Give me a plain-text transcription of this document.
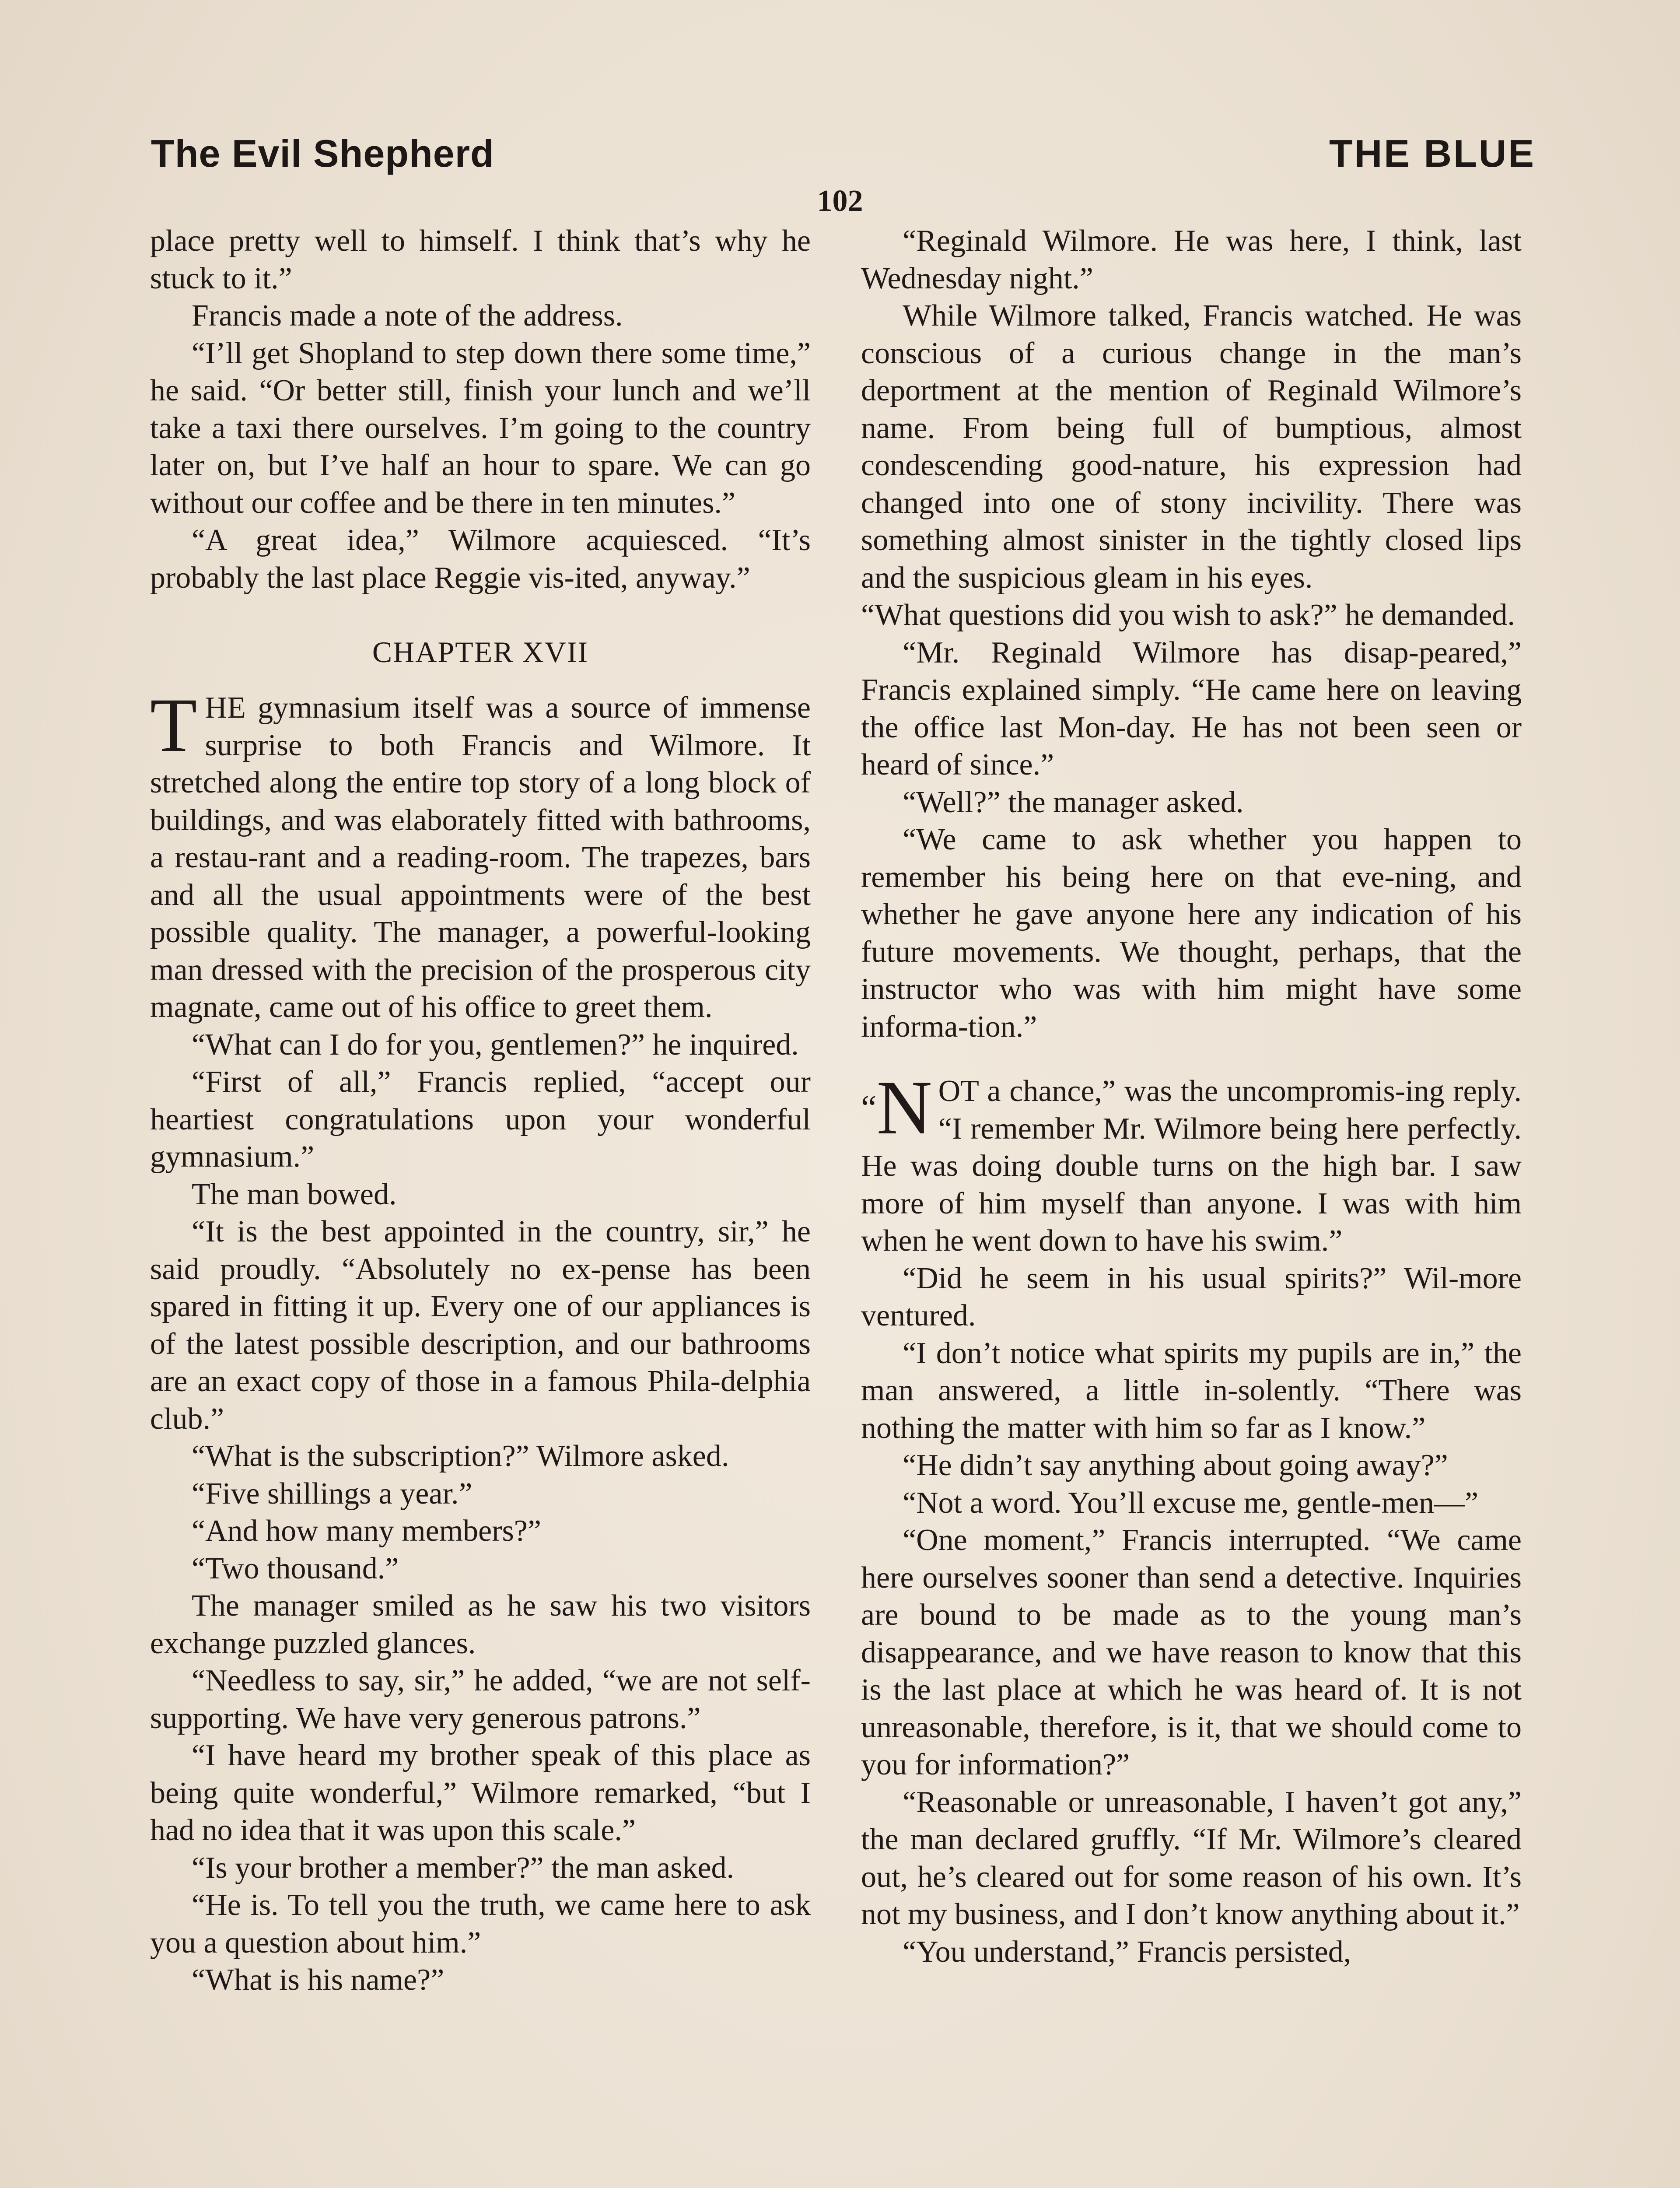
The Evil Shepherd	THE BLUE
102

place pretty well to himself. I think that’s why he stuck to it.”

Francis made a note of the address.

“I’ll get Shopland to step down there some time,” he said. “Or better still, finish your lunch and we’ll take a taxi there ourselves. I’m going to the country later on, but I’ve half an hour to spare. We can go without our coffee and be there in ten minutes.”

“A great idea,” Wilmore acquiesced. “It’s probably the last place Reggie vis-ited, anyway.”

CHAPTER XVII

THE gymnasium itself was a source of immense surprise to both Francis and Wilmore. It stretched along the entire top story of a long block of buildings, and was elaborately fitted with bathrooms, a restau-rant and a reading-room. The trapezes, bars and all the usual appointments were of the best possible quality. The manager, a powerful-looking man dressed with the precision of the prosperous city magnate, came out of his office to greet them.

“What can I do for you, gentlemen?” he inquired.

“First of all,” Francis replied, “accept our heartiest congratulations upon your wonderful gymnasium.”

The man bowed.

“It is the best appointed in the country, sir,” he said proudly. “Absolutely no ex-pense has been spared in fitting it up. Every one of our appliances is of the latest possible description, and our bathrooms are an exact copy of those in a famous Phila-delphia club.”

“What is the subscription?” Wilmore asked.

“Five shillings a year.”

“And how many members?”

“Two thousand.”

The manager smiled as he saw his two visitors exchange puzzled glances.

“Needless to say, sir,” he added, “we are not self-supporting. We have very generous patrons.”

“I have heard my brother speak of this place as being quite wonderful,” Wilmore remarked, “but I had no idea that it was upon this scale.”

“Is your brother a member?” the man asked.

“He is. To tell you the truth, we came here to ask you a question about him.”

“What is his name?”

“Reginald Wilmore. He was here, I think, last Wednesday night.”

While Wilmore talked, Francis watched. He was conscious of a curious change in the man’s deportment at the mention of Reginald Wilmore’s name. From being full of bumptious, almost condescending good-nature, his expression had changed into one of stony incivility. There was something almost sinister in the tightly closed lips and the suspicious gleam in his eyes.

“What questions did you wish to ask?” he demanded.

“Mr. Reginald Wilmore has disap-peared,” Francis explained simply. “He came here on leaving the office last Mon-day. He has not been seen or heard of since.”

“Well?” the manager asked.

“We came to ask whether you happen to remember his being here on that eve-ning, and whether he gave anyone here any indication of his future movements. We thought, perhaps, that the instructor who was with him might have some informa-tion.”

“N OT a chance,” was the uncompromis-ing reply. “I remember Mr. Wilmore being here perfectly. He was doing double turns on the high bar. I saw more of him myself than anyone. I was with him when he went down to have his swim.”

“Did he seem in his usual spirits?” Wil-more ventured.

“I don’t notice what spirits my pupils are in,” the man answered, a little in-solently. “There was nothing the matter with him so far as I know.”

“He didn’t say anything about going away?”

“Not a word. You’ll excuse me, gentle-men—”

“One moment,” Francis interrupted. “We came here ourselves sooner than send a detective. Inquiries are bound to be made as to the young man’s disappearance, and we have reason to know that this is the last place at which he was heard of. It is not unreasonable, therefore, is it, that we should come to you for information?”

“Reasonable or unreasonable, I haven’t got any,” the man declared gruffly. “If Mr. Wilmore’s cleared out, he’s cleared out for some reason of his own. It’s not my business, and I don’t know anything about it.”

“You understand,” Francis persisted,
